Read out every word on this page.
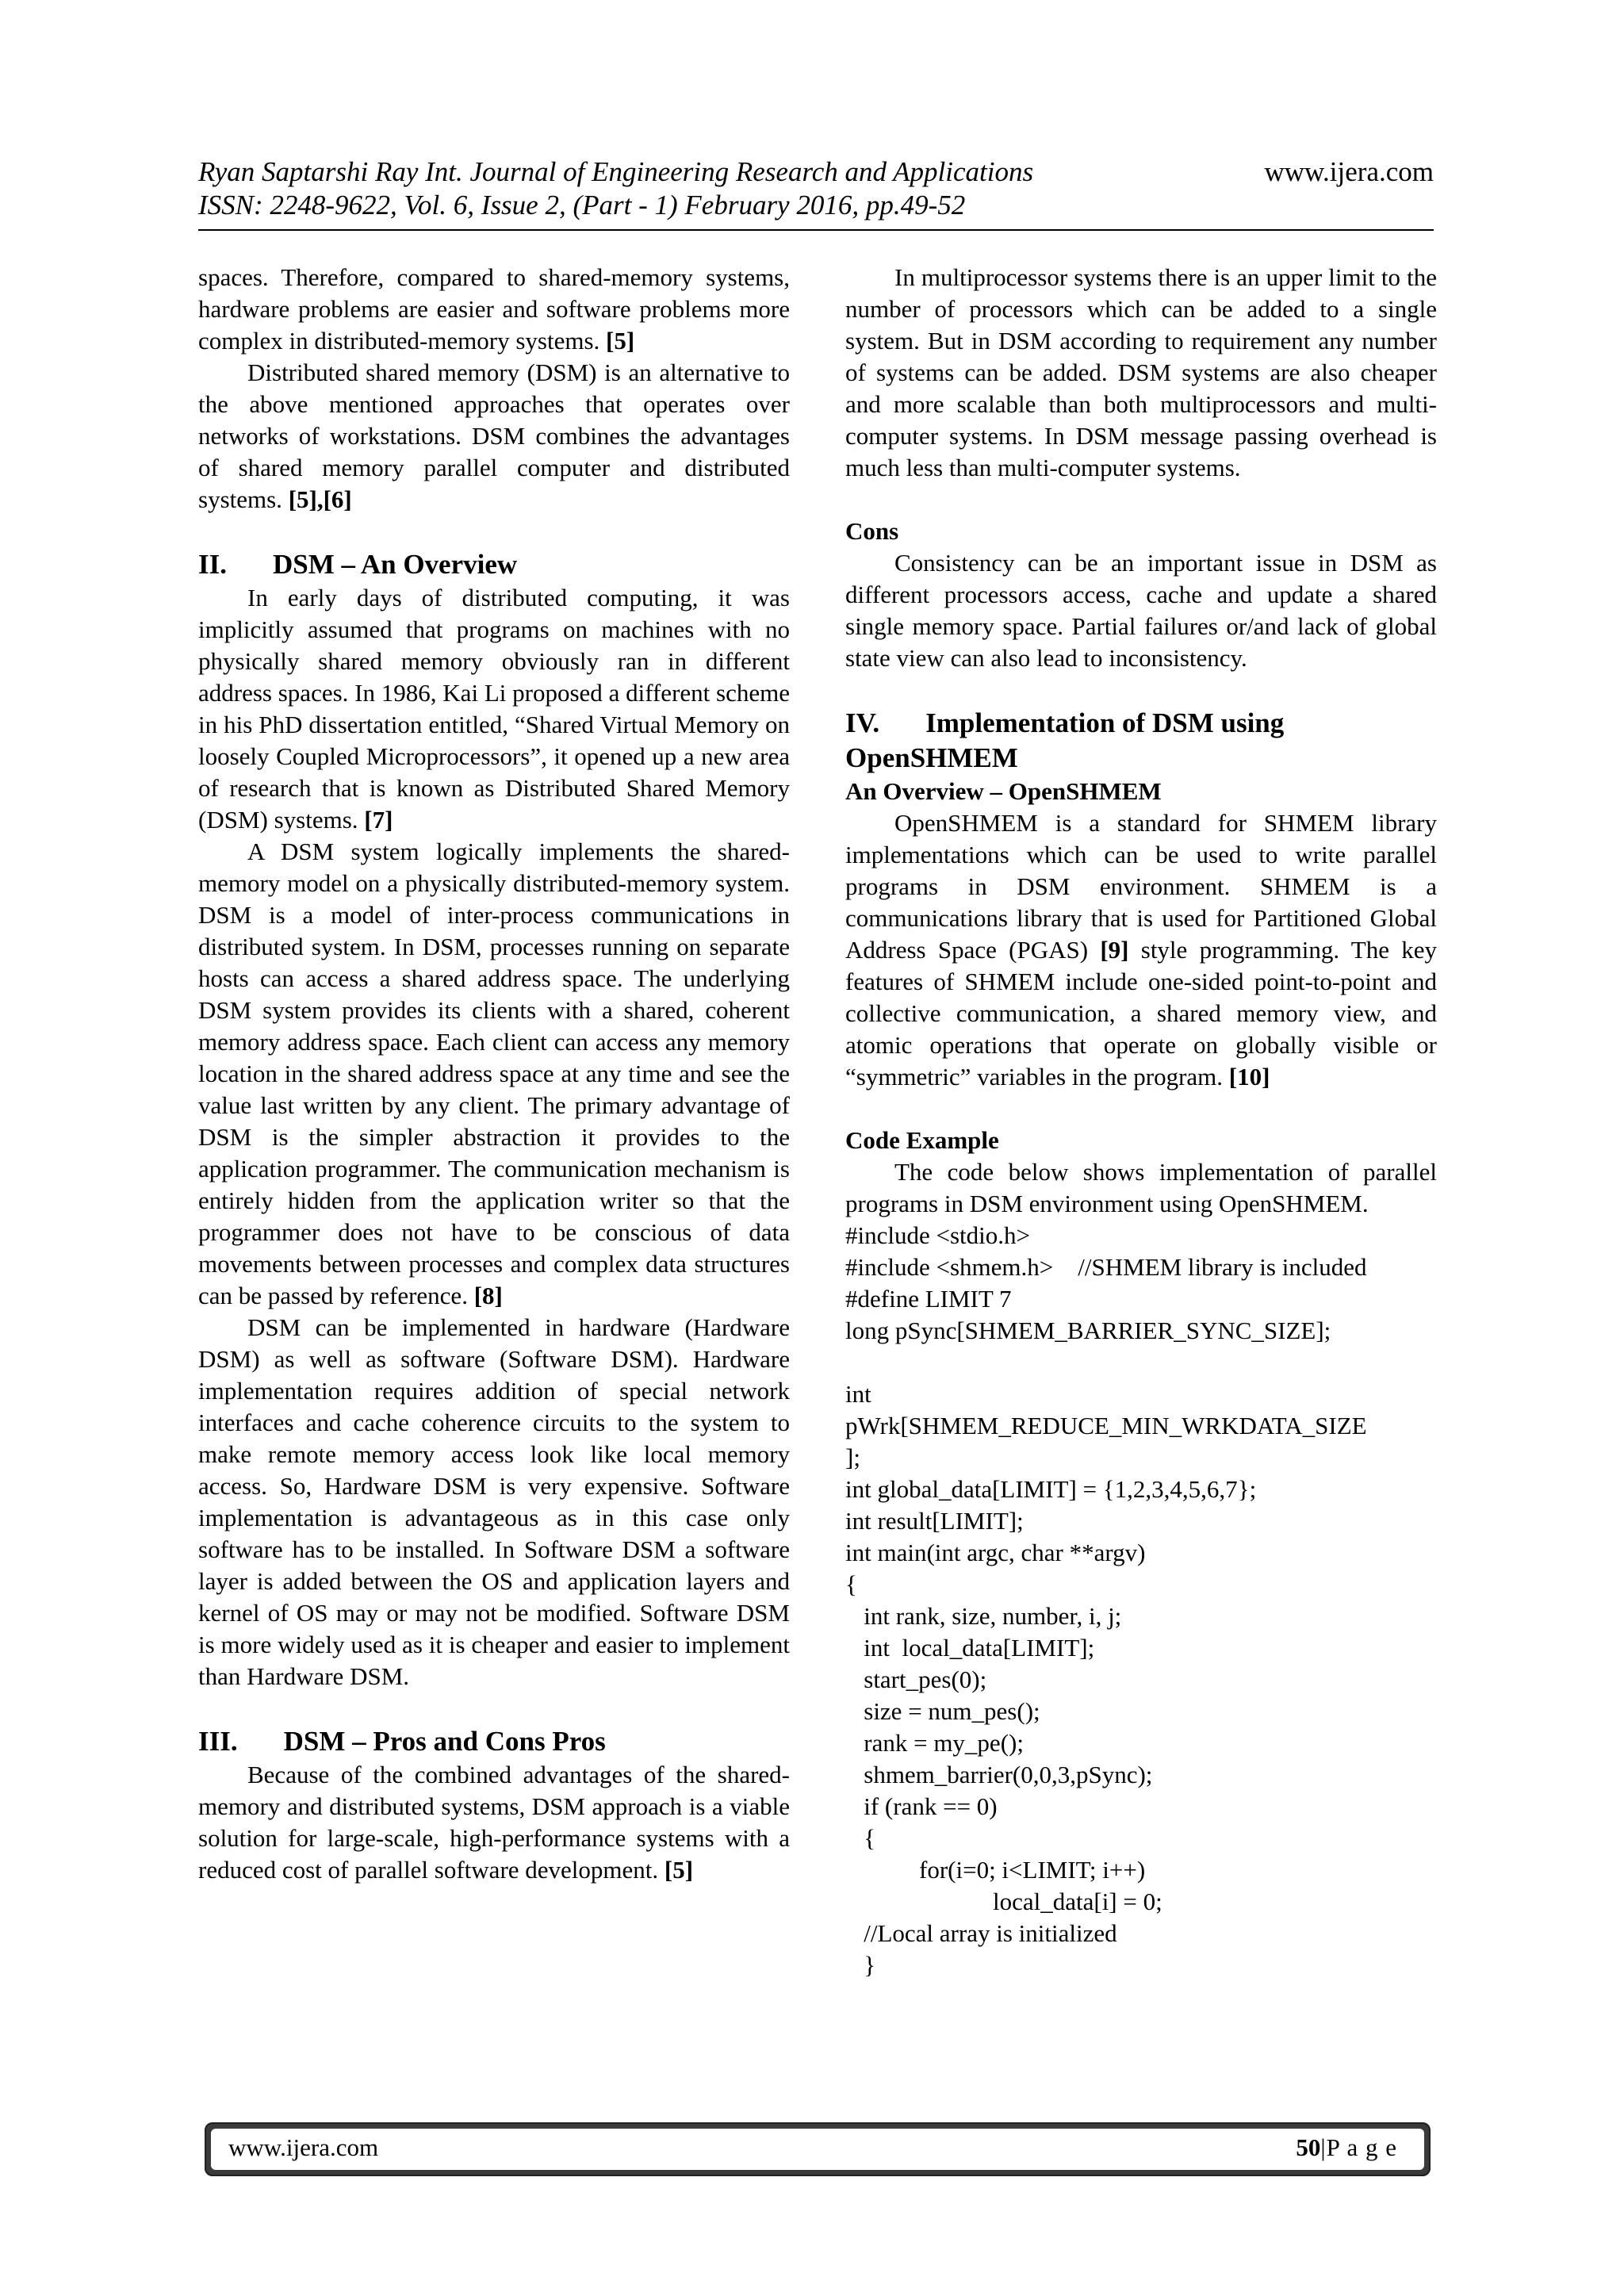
Ryan Saptarshi Ray Int. Journal of Engineering Research and Applications
ISSN: 2248-9622, Vol. 6, Issue 2, (Part - 1) February 2016, pp.49-52
www.ijera.com

spaces. Therefore, compared to shared-memory systems, hardware problems are easier and software problems more complex in distributed-memory systems. [5]

Distributed shared memory (DSM) is an alternative to the above mentioned approaches that operates over networks of workstations. DSM combines the advantages of shared memory parallel computer and distributed systems. [5],[6]

II. DSM – An Overview

In early days of distributed computing, it was implicitly assumed that programs on machines with no physically shared memory obviously ran in different address spaces. In 1986, Kai Li proposed a different scheme in his PhD dissertation entitled, “Shared Virtual Memory on loosely Coupled Microprocessors”, it opened up a new area of research that is known as Distributed Shared Memory (DSM) systems. [7]

A DSM system logically implements the shared-memory model on a physically distributed-memory system. DSM is a model of inter-process communications in distributed system. In DSM, processes running on separate hosts can access a shared address space. The underlying DSM system provides its clients with a shared, coherent memory address space. Each client can access any memory location in the shared address space at any time and see the value last written by any client. The primary advantage of DSM is the simpler abstraction it provides to the application programmer. The communication mechanism is entirely hidden from the application writer so that the programmer does not have to be conscious of data movements between processes and complex data structures can be passed by reference. [8]

DSM can be implemented in hardware (Hardware DSM) as well as software (Software DSM). Hardware implementation requires addition of special network interfaces and cache coherence circuits to the system to make remote memory access look like local memory access. So, Hardware DSM is very expensive. Software implementation is advantageous as in this case only software has to be installed. In Software DSM a software layer is added between the OS and application layers and kernel of OS may or may not be modified. Software DSM is more widely used as it is cheaper and easier to implement than Hardware DSM.

III. DSM – Pros and Cons Pros

Because of the combined advantages of the shared-memory and distributed systems, DSM approach is a viable solution for large-scale, high-performance systems with a reduced cost of parallel software development. [5]

In multiprocessor systems there is an upper limit to the number of processors which can be added to a single system. But in DSM according to requirement any number of systems can be added. DSM systems are also cheaper and more scalable than both multiprocessors and multi-computer systems. In DSM message passing overhead is much less than multi-computer systems.

Cons

Consistency can be an important issue in DSM as different processors access, cache and update a shared single memory space. Partial failures or/and lack of global state view can also lead to inconsistency.

IV. Implementation of DSM using

OpenSHMEM

An Overview – OpenSHMEM

OpenSHMEM is a standard for SHMEM library implementations which can be used to write parallel programs in DSM environment. SHMEM is a communications library that is used for Partitioned Global Address Space (PGAS) [9] style programming. The key features of SHMEM include one-sided point-to-point and collective communication, a shared memory view, and atomic operations that operate on globally visible or “symmetric” variables in the program. [10]

Code Example

The code below shows implementation of parallel programs in DSM environment using OpenSHMEM.

#include <stdio.h>
#include <shmem.h>    //SHMEM library is included
#define LIMIT 7
long pSync[SHMEM_BARRIER_SYNC_SIZE];
int
pWrk[SHMEM_REDUCE_MIN_WRKDATA_SIZE
];
int global_data[LIMIT] = {1,2,3,4,5,6,7};
int result[LIMIT];
int main(int argc, char **argv)
{
int rank, size, number, i, j;
int  local_data[LIMIT];
start_pes(0);
size = num_pes();
rank = my_pe();
shmem_barrier(0,0,3,pSync);
if (rank == 0)
{
for(i=0; i<LIMIT; i++)
local_data[i] = 0;
//Local array is initialized
}
www.ijera.com	50|P a g e
